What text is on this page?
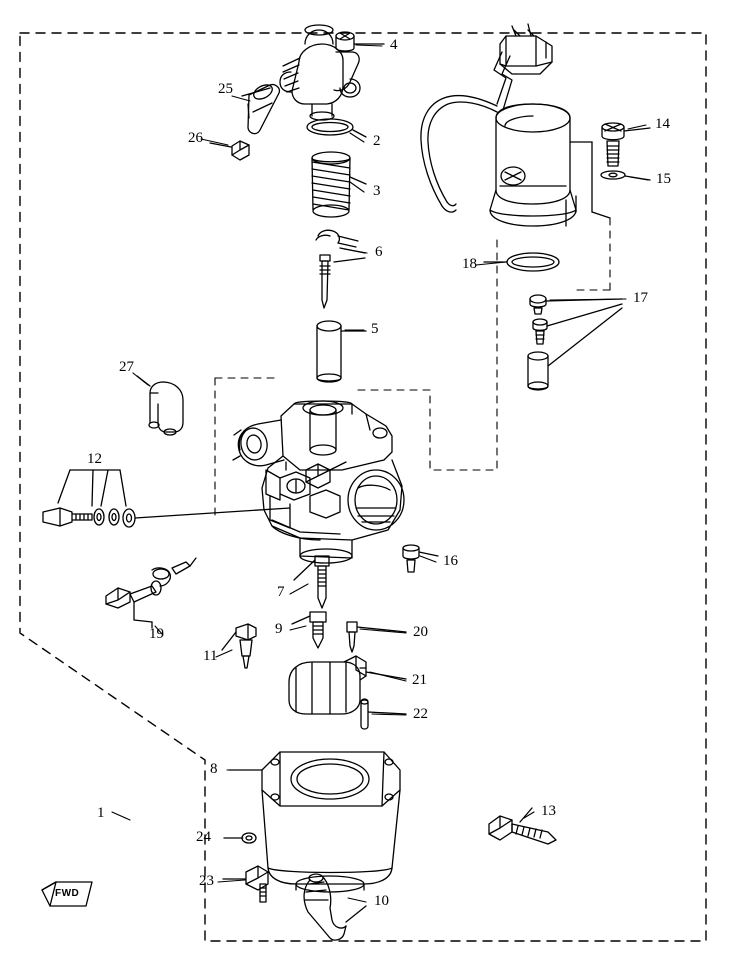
1
2
3
4
5
6
7
8
9
10
11
12
13
14
15
16
17
18
19	20
21
22
23
24
25
26
27
FWD
